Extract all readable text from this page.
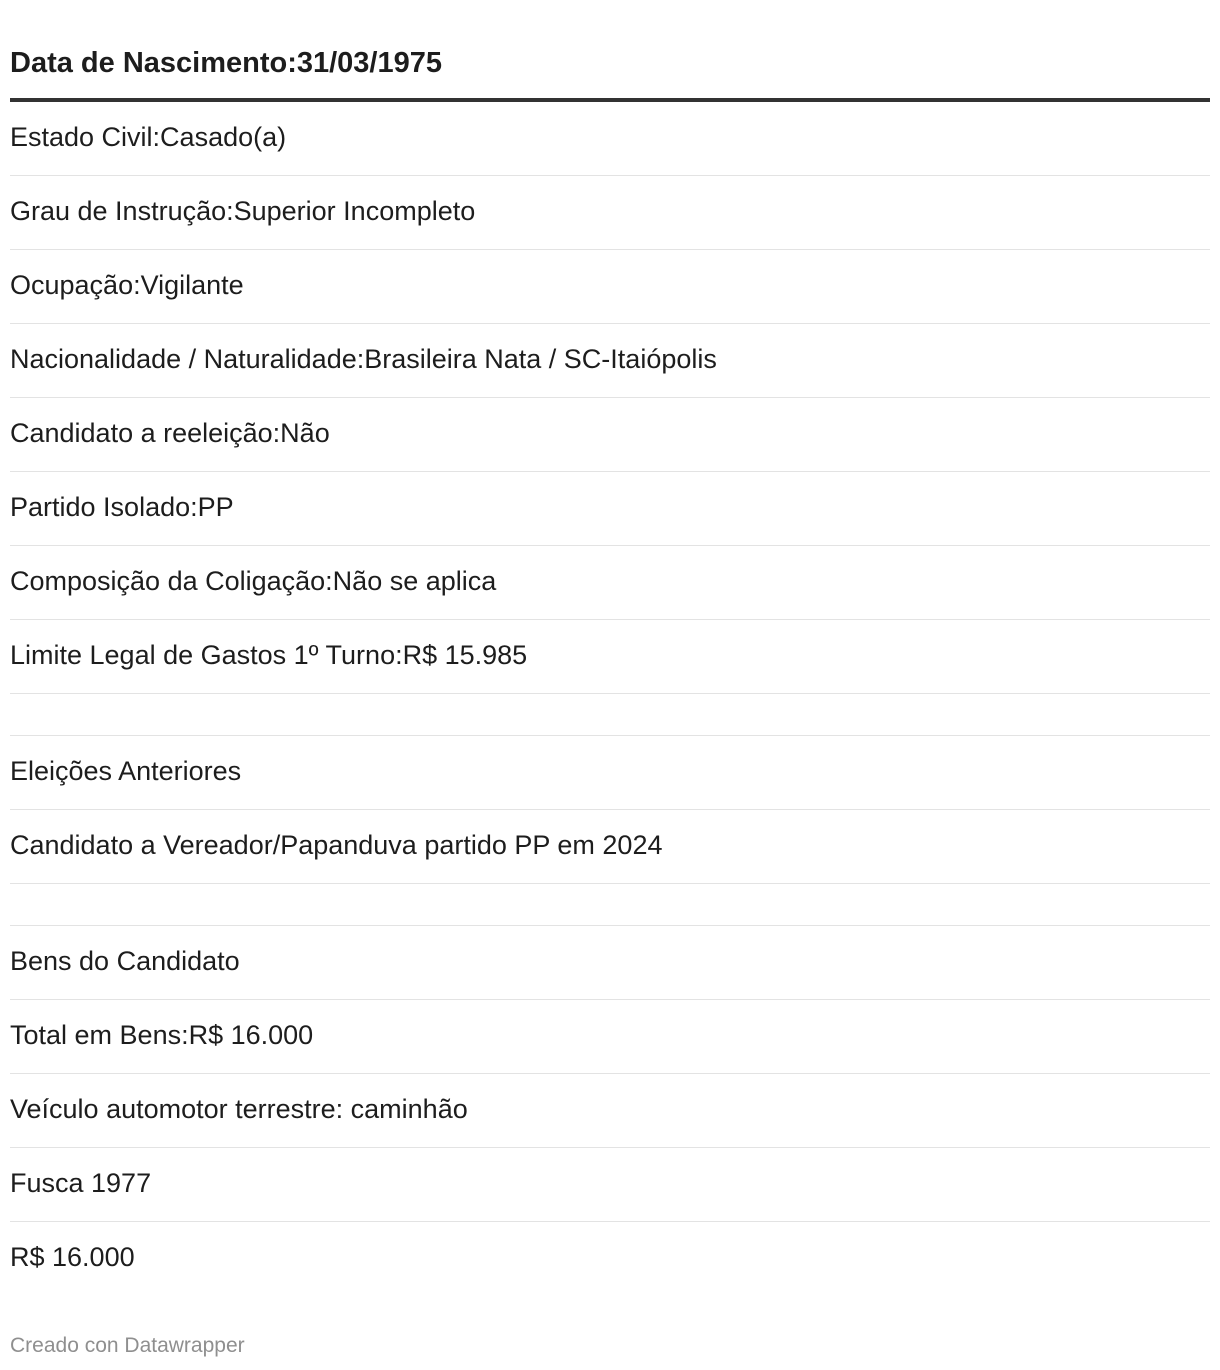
Data de Nascimento:31/03/1975
Estado Civil:Casado(a)
Grau de Instrução:Superior Incompleto
Ocupação:Vigilante
Nacionalidade / Naturalidade:Brasileira Nata / SC-Itaiópolis
Candidato a reeleição:Não
Partido Isolado:PP
Composição da Coligação:Não se aplica
Limite Legal de Gastos 1º Turno:R$ 15.985
Eleições Anteriores
Candidato a Vereador/Papanduva partido PP em 2024
Bens do Candidato
Total em Bens:R$ 16.000
Veículo automotor terrestre: caminhão
Fusca 1977
R$ 16.000
Creado con Datawrapper
